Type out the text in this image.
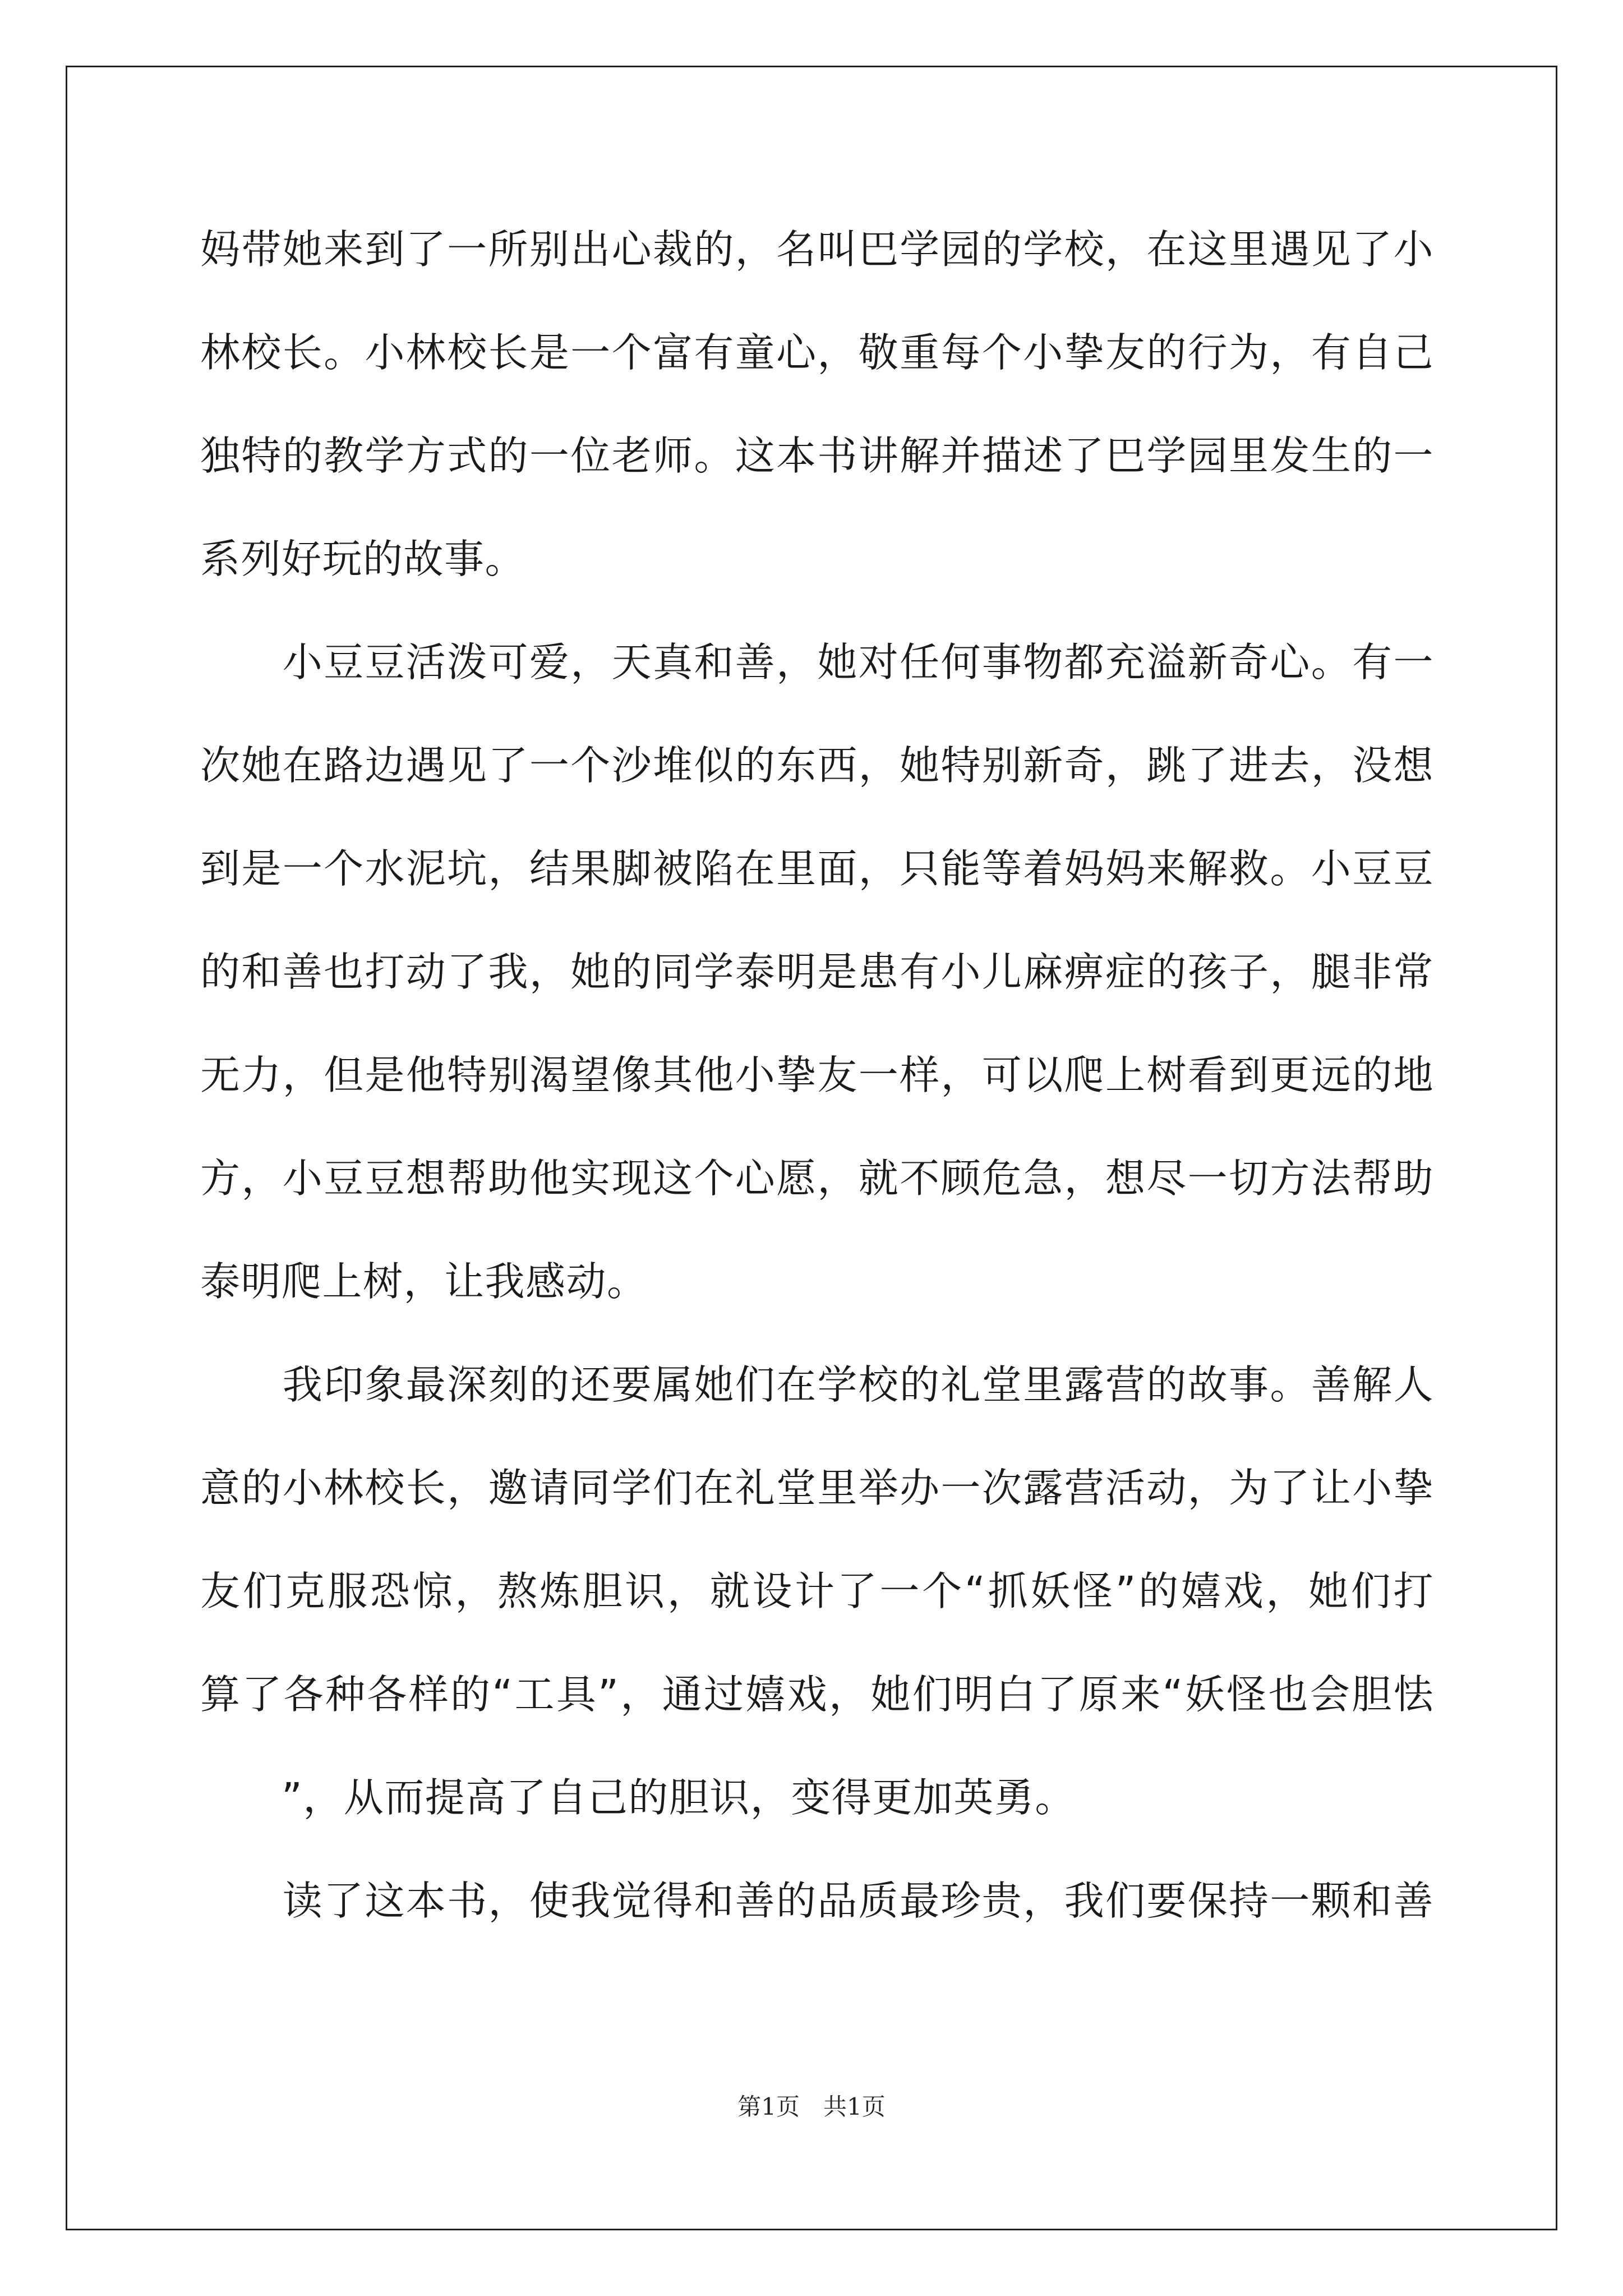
妈带她来到了一所别出心裁的，名叫巴学园的学校，在这里遇见了小
林校长。小林校长是一个富有童心，敬重每个小挚友的行为，有自己
独特的教学方式的一位老师。这本书讲解并描述了巴学园里发生的一
系列好玩的故事。
　　小豆豆活泼可爱，天真和善，她对任何事物都充溢新奇心。有一
次她在路边遇见了一个沙堆似的东西，她特别新奇，跳了进去，没想
到是一个水泥坑，结果脚被陷在里面，只能等着妈妈来解救。小豆豆
的和善也打动了我，她的同学泰明是患有小儿麻痹症的孩子，腿非常
无力，但是他特别渴望像其他小挚友一样，可以爬上树看到更远的地
方，小豆豆想帮助他实现这个心愿，就不顾危急，想尽一切方法帮助
泰明爬上树，让我感动。
　　我印象最深刻的还要属她们在学校的礼堂里露营的故事。善解人
意的小林校长，邀请同学们在礼堂里举办一次露营活动，为了让小挚
友们克服恐惊，熬炼胆识，就设计了一个“抓妖怪”的嬉戏，她们打
算了各种各样的“工具”，通过嬉戏，她们明白了原来“妖怪也会胆怯
　　”，从而提高了自己的胆识，变得更加英勇。
　　读了这本书，使我觉得和善的品质最珍贵，我们要保持一颗和善
第1页　共1页
